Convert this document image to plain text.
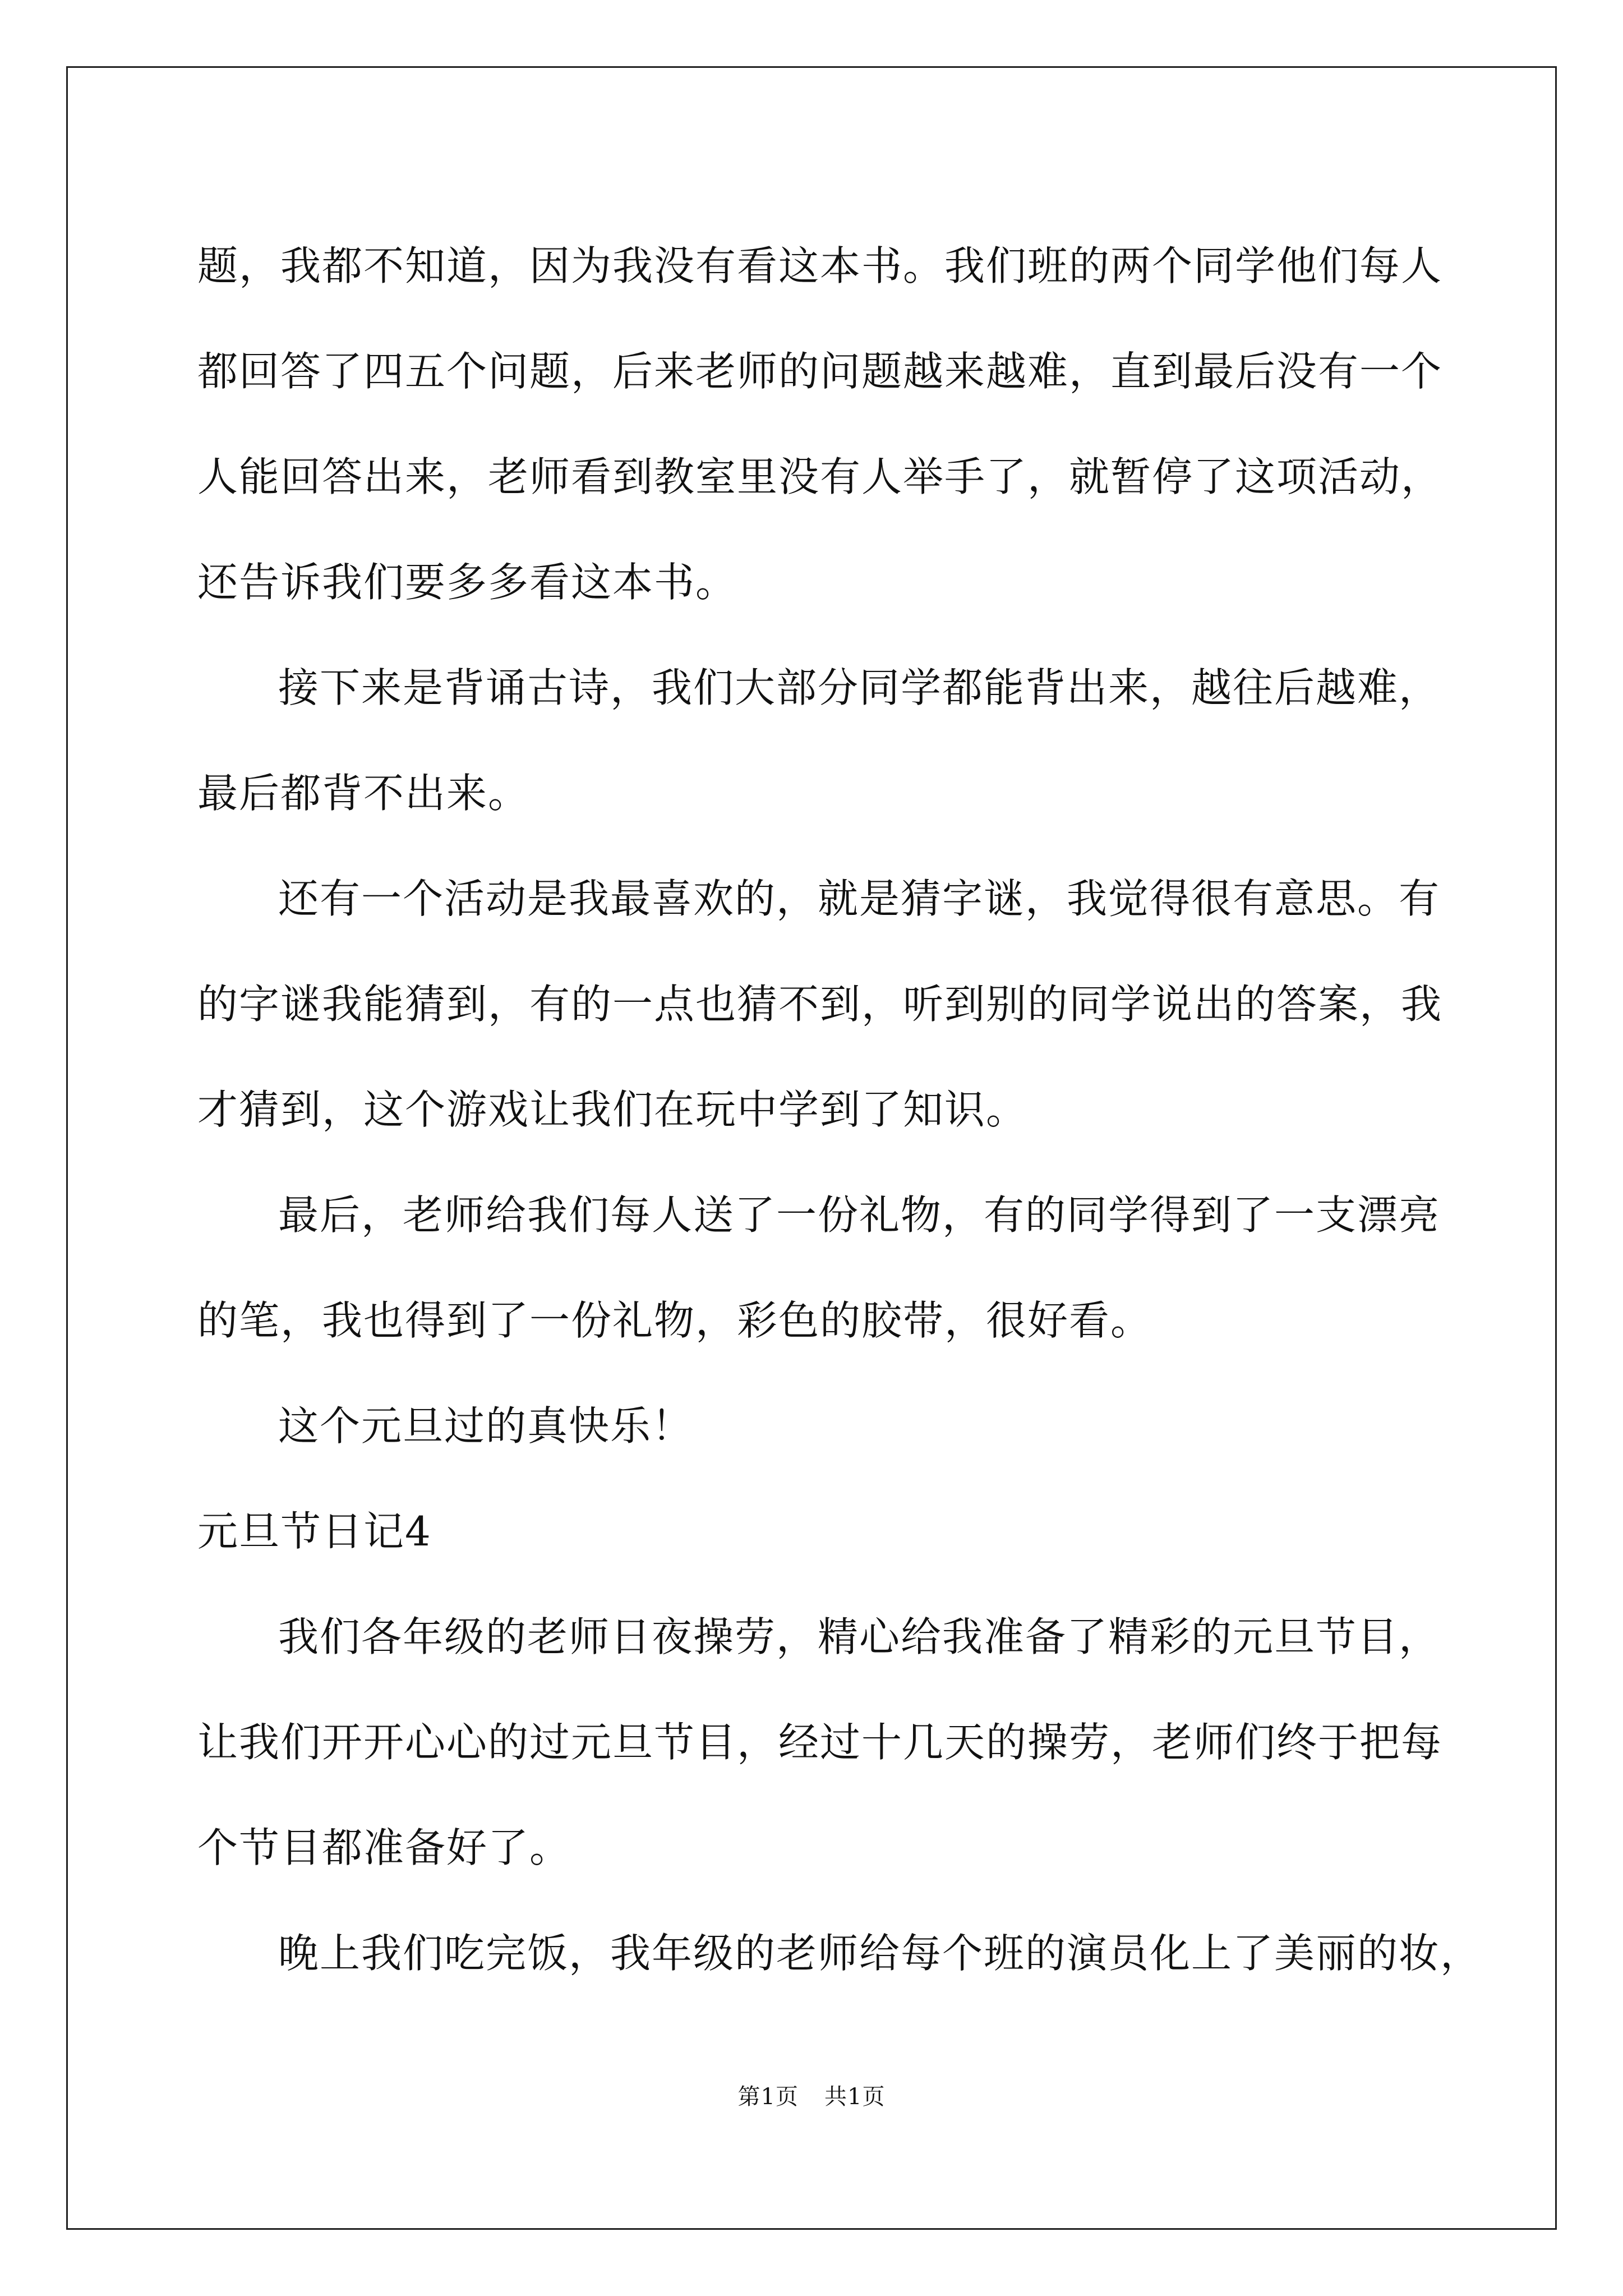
题，我都不知道，因为我没有看这本书。我们班的两个同学他们每人

都回答了四五个问题，后来老师的问题越来越难，直到最后没有一个

人能回答出来，老师看到教室里没有人举手了，就暂停了这项活动，

还告诉我们要多多看这本书。

接下来是背诵古诗，我们大部分同学都能背出来，越往后越难，

最后都背不出来。

还有一个活动是我最喜欢的，就是猜字谜，我觉得很有意思。有

的字谜我能猜到，有的一点也猜不到，听到别的同学说出的答案，我

才猜到，这个游戏让我们在玩中学到了知识。

最后，老师给我们每人送了一份礼物，有的同学得到了一支漂亮

的笔，我也得到了一份礼物，彩色的胶带，很好看。

这个元旦过的真快乐！

元旦节日记4

我们各年级的老师日夜操劳，精心给我准备了精彩的元旦节目，

让我们开开心心的过元旦节目，经过十几天的操劳，老师们终于把每

个节目都准备好了。

晚上我们吃完饭，我年级的老师给每个班的演员化上了美丽的妆，

第1页 共1页
